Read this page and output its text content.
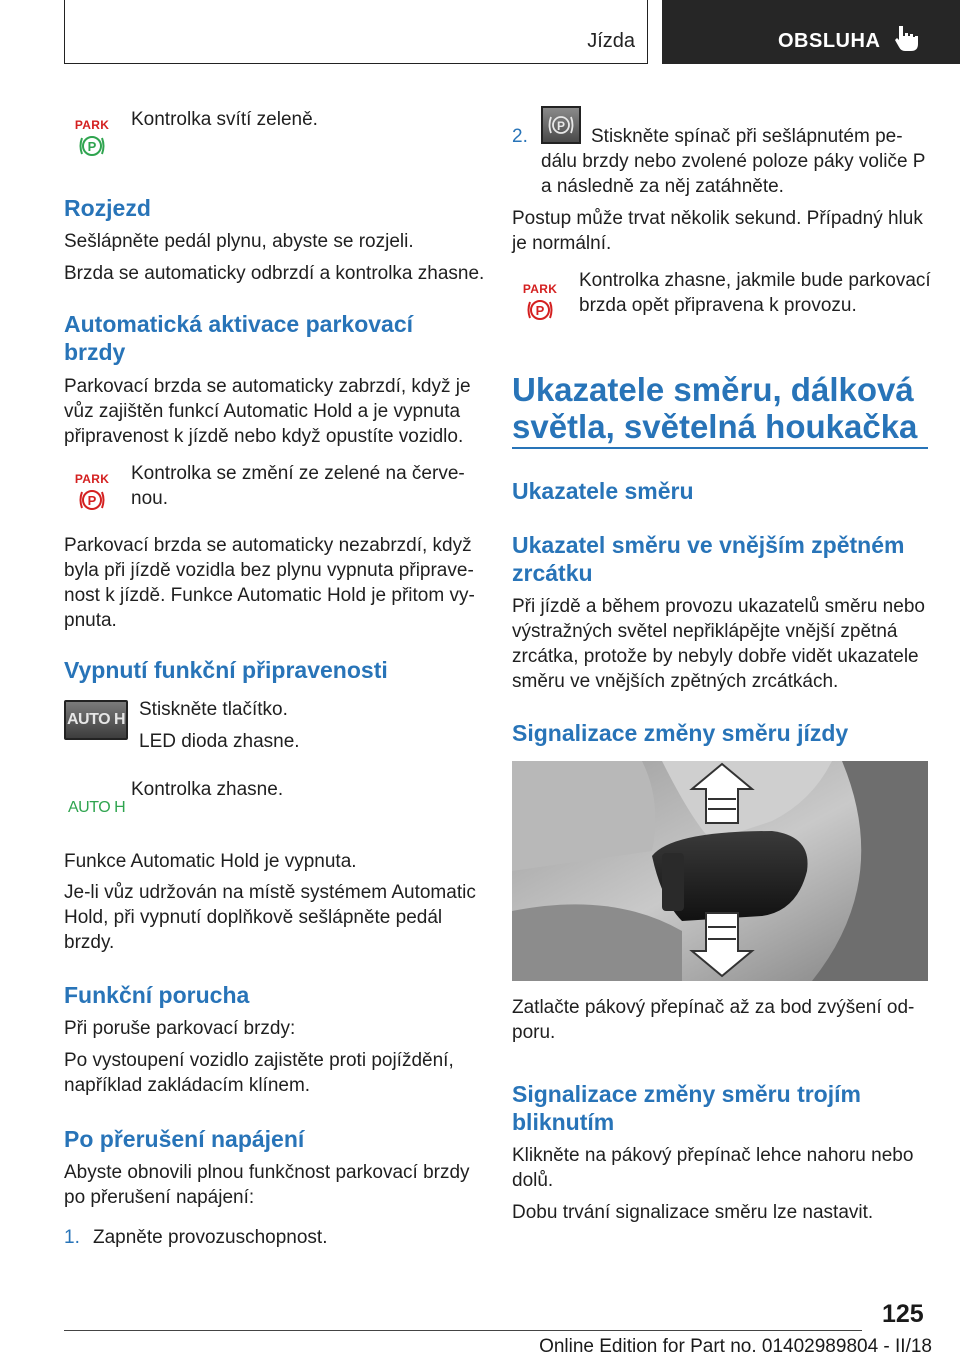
Jízda	OBSLUHA
PARK
P
Kontrolka svítí zeleně.
Rozjezd
Sešlápněte pedál plynu, abyste se rozjeli.
Brzda se automaticky odbrzdí a kontrolka zhasne.
Automatická aktivace parkovací
brzdy
Parkovací brzda se automaticky zabrzdí, když je
vůz zajištěn funkcí Automatic Hold a je vypnuta
připravenost k jízdě nebo když opustíte vozidlo.
PARK
P
Kontrolka se změní ze zelené na červe-
nou.
Parkovací brzda se automaticky nezabrzdí, když
byla při jízdě vozidla bez plynu vypnuta připrave-
nost k jízdě. Funkce Automatic Hold je přitom vy-
pnuta.
Vypnutí funkční připravenosti
AUTO H Stiskněte tlačítko.
LED dioda zhasne.
AUTO H
Kontrolka zhasne.
Funkce Automatic Hold je vypnuta.
Je-li vůz udržován na místě systémem Automatic
Hold, při vypnutí doplňkově sešlápněte pedál
brzdy.
Funkční porucha
Při poruše parkovací brzdy:
Po vystoupení vozidlo zajistěte proti pojíždění,
například zakládacím klínem.
Po přerušení napájení
Abyste obnovili plnou funkčnost parkovací brzdy
po přerušení napájení:
1. Zapněte provozuschopnost.
2. P Stiskněte spínač při sešlápnutém pe-
dálu brzdy nebo zvolené poloze páky voliče P
a následně za něj zatáhněte.
Postup může trvat několik sekund. Případný hluk
je normální.
PARK
P
Kontrolka zhasne, jakmile bude parkovací
brzda opět připravena k provozu.
Ukazatele směru, dálková
světla, světelná houkačka
Ukazatele směru
Ukazatel směru ve vnějším zpětném
zrcátku
Při jízdě a během provozu ukazatelů směru nebo
výstražných světel nepřiklápějte vnější zpětná
zrcátka, protože by nebyly dobře vidět ukazatele
směru ve vnějších zpětných zrcátkách.
Signalizace změny směru jízdy
Zatlačte pákový přepínač až za bod zvýšení od-
poru.
Signalizace změny směru trojím
bliknutím
Klikněte na pákový přepínač lehce nahoru nebo
dolů.
Dobu trvání signalizace směru lze nastavit.
125
Online Edition for Part no. 01402989804 - II/18
